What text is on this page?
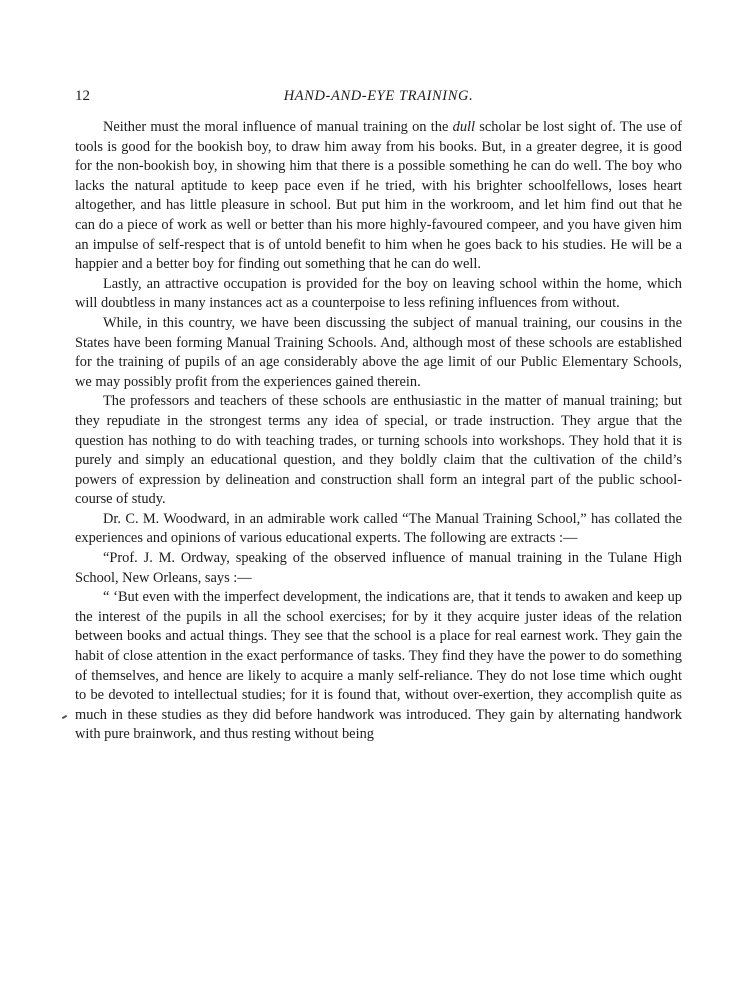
12	HAND-AND-EYE TRAINING.

Neither must the moral influence of manual training on the dull scholar be lost sight of. The use of tools is good for the bookish boy, to draw him away from his books. But, in a greater degree, it is good for the non-bookish boy, in showing him that there is a possible something he can do well. The boy who lacks the natural aptitude to keep pace even if he tried, with his brighter schoolfellows, loses heart altogether, and has little pleasure in school. But put him in the workroom, and let him find out that he can do a piece of work as well or better than his more highly-favoured compeer, and you have given him an impulse of self-respect that is of untold benefit to him when he goes back to his studies. He will be a happier and a better boy for finding out something that he can do well.

Lastly, an attractive occupation is provided for the boy on leaving school within the home, which will doubtless in many instances act as a counterpoise to less refining influences from without.

While, in this country, we have been discussing the subject of manual training, our cousins in the States have been forming Manual Training Schools. And, although most of these schools are established for the training of pupils of an age considerably above the age limit of our Public Elementary Schools, we may possibly profit from the experiences gained therein.

The professors and teachers of these schools are enthusiastic in the matter of manual training; but they repudiate in the strongest terms any idea of special, or trade instruction. They argue that the question has nothing to do with teaching trades, or turning schools into workshops. They hold that it is purely and simply an educational question, and they boldly claim that the cultivation of the child’s powers of expression by delineation and construction shall form an integral part of the public school-course of study.

Dr. C. M. Woodward, in an admirable work called “The Manual Training School,” has collated the experiences and opinions of various educational experts. The following are extracts :—

“Prof. J. M. Ordway, speaking of the observed influence of manual training in the Tulane High School, New Orleans, says :—

“ ‘But even with the imperfect development, the indications are, that it tends to awaken and keep up the interest of the pupils in all the school exercises; for by it they acquire juster ideas of the relation between books and actual things. They see that the school is a place for real earnest work. They gain the habit of close attention in the exact performance of tasks. They find they have the power to do something of themselves, and hence are likely to acquire a manly self-reliance. They do not lose time which ought to be devoted to intellectual studies; for it is found that, without over-exertion, they accomplish quite as much in these studies as they did before handwork was introduced. They gain by alternating handwork with pure brainwork, and thus resting without being
